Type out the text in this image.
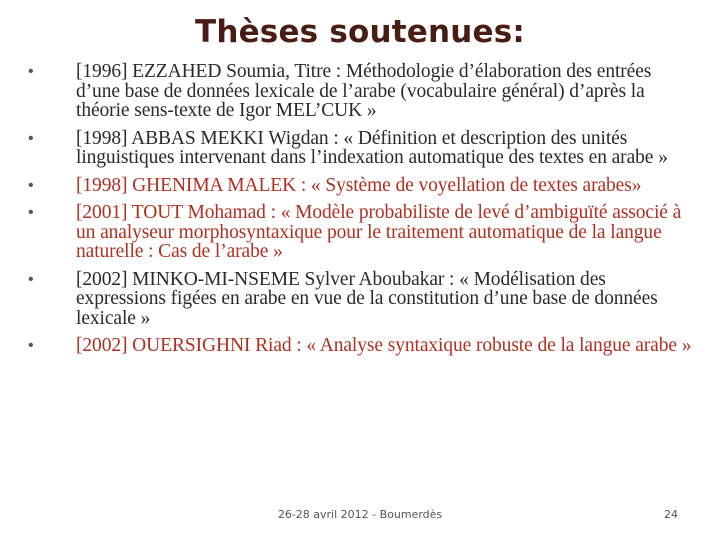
Thèses soutenues:
•	[1996] EZZAHED Soumia, Titre : Méthodologie d’élaboration des entrées d’une base de données lexicale de l’arabe (vocabulaire général) d’après la théorie sens-texte de Igor MEL’CUK »
•	[1998] ABBAS MEKKI Wigdan : « Définition et description des unités linguistiques intervenant dans l’indexation automatique des textes en arabe »
•	[1998] GHENIMA MALEK : « Système de voyellation de textes arabes»
•	[2001] TOUT Mohamad : « Modèle probabiliste de levé d’ambiguïté associé à un analyseur morphosyntaxique pour le traitement automatique de la langue naturelle : Cas de l’arabe »
•	[2002] MINKO-MI-NSEME Sylver Aboubakar : « Modélisation des expressions figées en arabe en vue de la constitution d’une base de données lexicale »
•	[2002] OUERSIGHNI Riad : « Analyse syntaxique robuste de la langue arabe »
26-28 avril 2012 - Boumerdès	24
